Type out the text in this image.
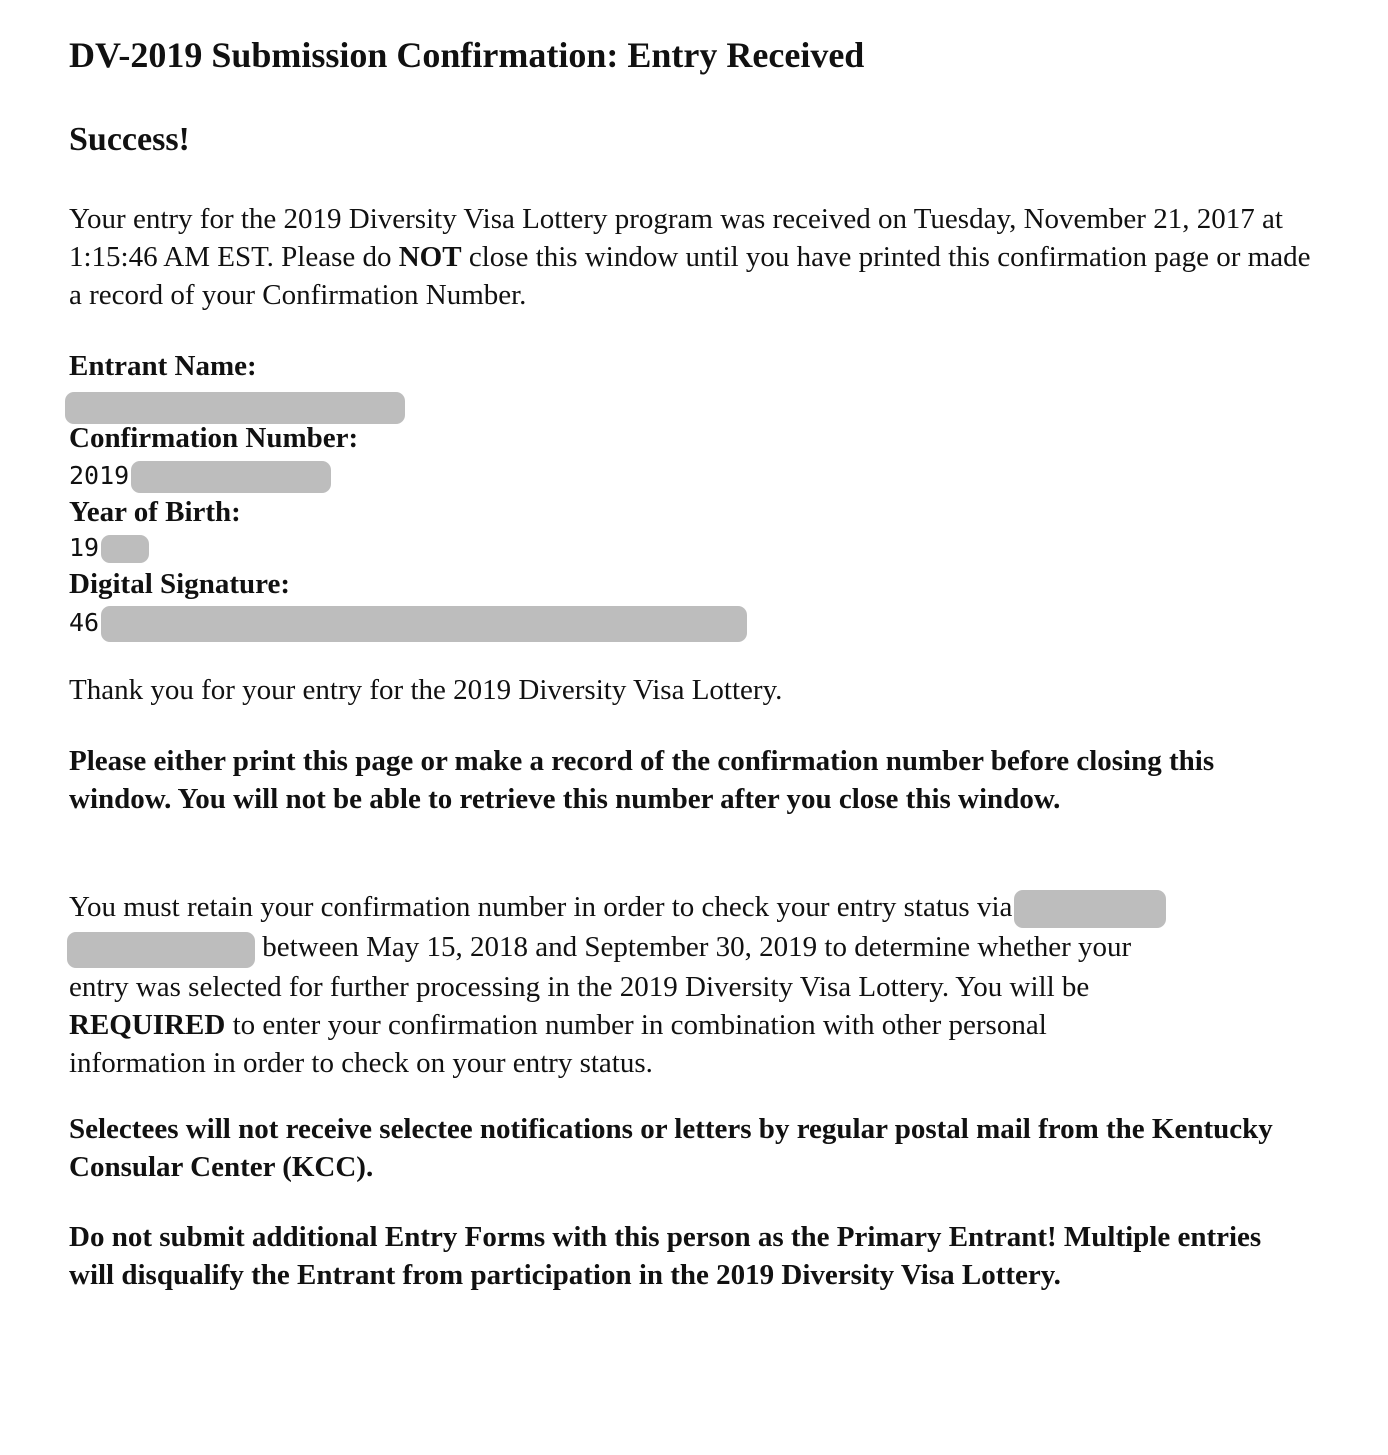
DV-2019 Submission Confirmation: Entry Received
Success!

Your entry for the 2019 Diversity Visa Lottery program was received on Tuesday, November 21, 2017 at 1:15:46 AM EST. Please do NOT close this window until you have printed this confirmation page or made a record of your Confirmation Number.

Entrant Name:
Confirmation Number:
2019
Year of Birth:
19
Digital Signature:
46

Thank you for your entry for the 2019 Diversity Visa Lottery.

Please either print this page or make a record of the confirmation number before closing this window. You will not be able to retrieve this number after you close this window.

You must retain your confirmation number in order to check your entry status via
between May 15, 2018 and September 30, 2019 to determine whether your
entry was selected for further processing in the 2019 Diversity Visa Lottery. You will be
REQUIRED to enter your confirmation number in combination with other personal
information in order to check on your entry status.

Selectees will not receive selectee notifications or letters by regular postal mail from the Kentucky Consular Center (KCC).

Do not submit additional Entry Forms with this person as the Primary Entrant! Multiple entries will disqualify the Entrant from participation in the 2019 Diversity Visa Lottery.
